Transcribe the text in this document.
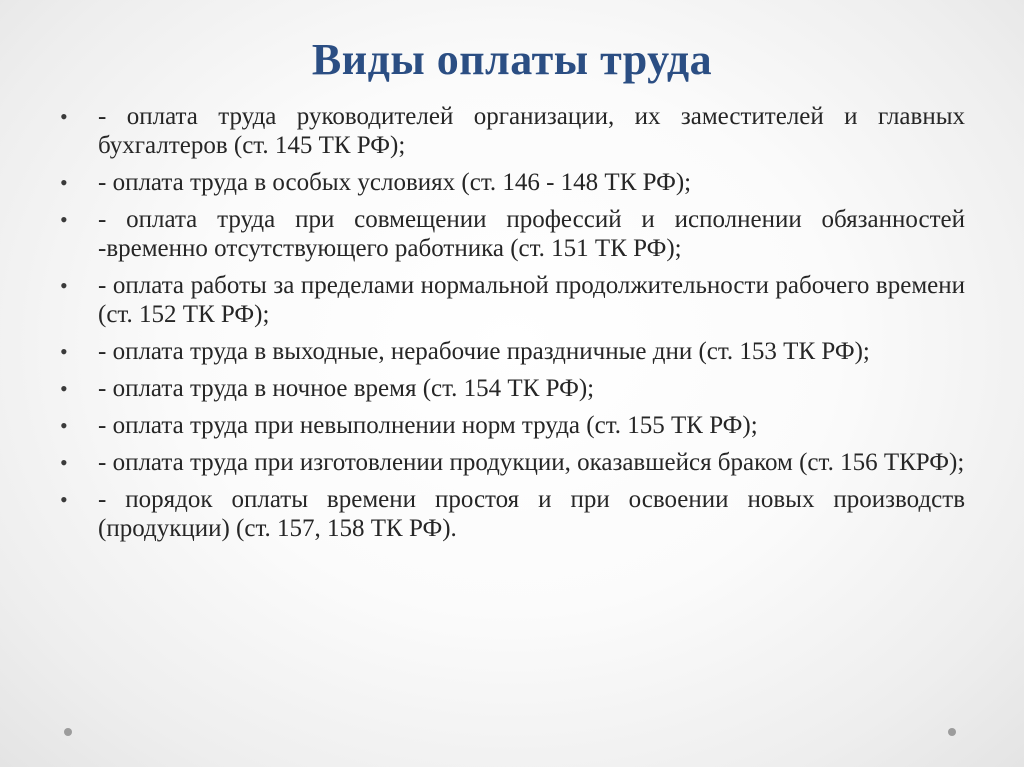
Виды оплаты труда
•	- оплата труда руководителей организации, их заместителей и главных бухгалтеров (ст. 145 ТК РФ);
•	- оплата труда в особых условиях (ст. 146 - 148 ТК РФ);
•	- оплата труда при совмещении профессий и исполнении обязанностей -временно отсутствующего работника (ст. 151 ТК РФ);
•	- оплата работы за пределами нормальной продолжительности рабочего времени (ст. 152 ТК РФ);
•	- оплата труда в выходные, нерабочие праздничные дни (ст. 153 ТК РФ);
•	- оплата труда в ночное время (ст. 154 ТК РФ);
•	- оплата труда при невыполнении норм труда (ст. 155 ТК РФ);
•	- оплата труда при изготовлении продукции, оказавшейся браком (ст. 156 ТКРФ);
•	- порядок оплаты времени простоя и при освоении новых производств (продукции) (ст. 157, 158 ТК РФ).
